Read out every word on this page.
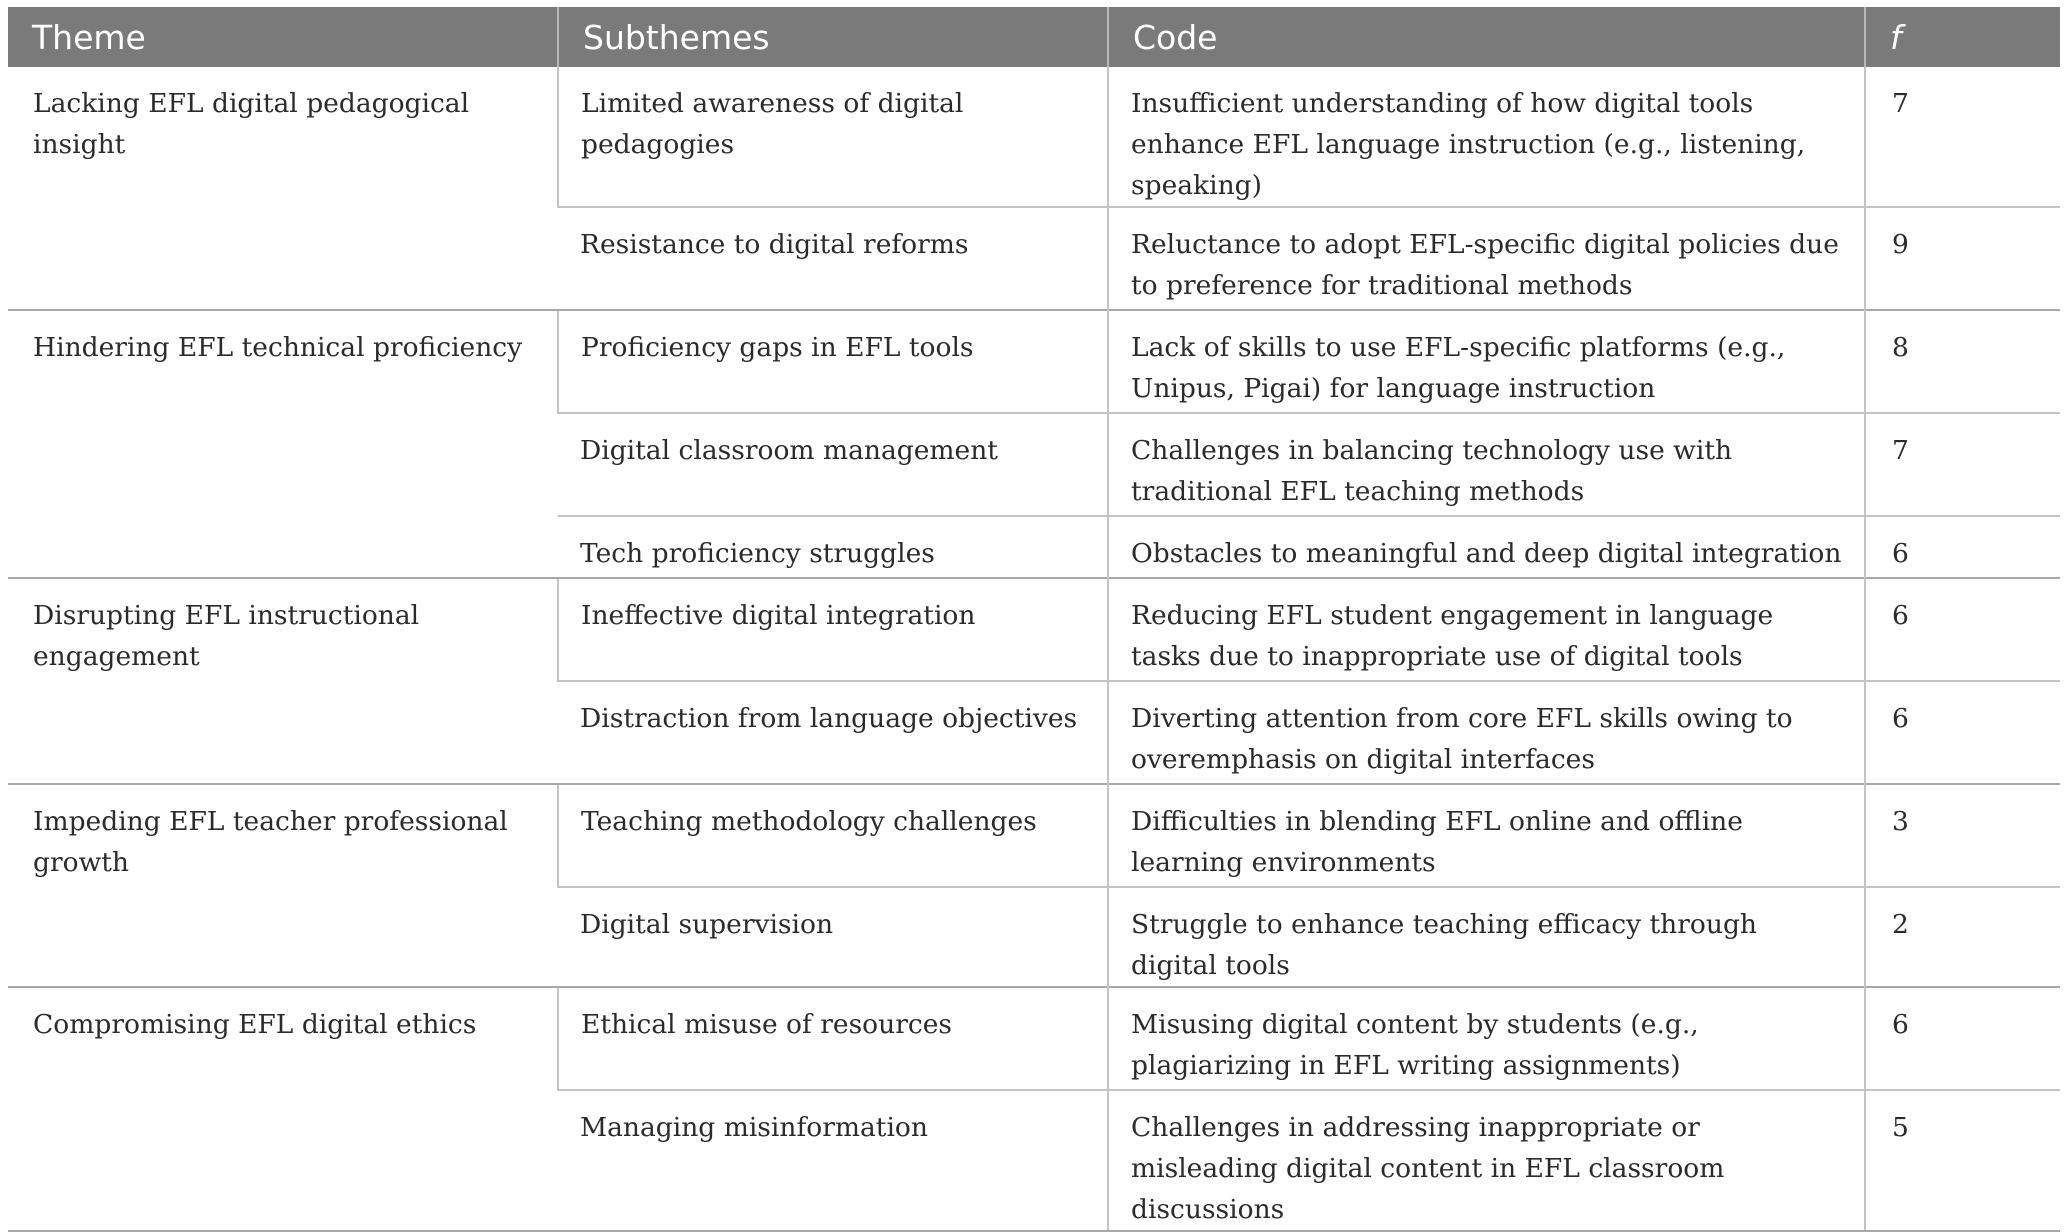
Theme	Subthemes	Code	f
Lacking EFL digital pedagogical insight	Limited awareness of digital pedagogies	Insufficient understanding of how digital tools enhance EFL language instruction (e.g., listening, speaking)	7
	Resistance to digital reforms	Reluctance to adopt EFL-specific digital policies due to preference for traditional methods	9
Hindering EFL technical proficiency	Proficiency gaps in EFL tools	Lack of skills to use EFL-specific platforms (e.g., Unipus, Pigai) for language instruction	8
	Digital classroom management	Challenges in balancing technology use with traditional EFL teaching methods	7
	Tech proficiency struggles	Obstacles to meaningful and deep digital integration	6
Disrupting EFL instructional engagement	Ineffective digital integration	Reducing EFL student engagement in language tasks due to inappropriate use of digital tools	6
	Distraction from language objectives	Diverting attention from core EFL skills owing to overemphasis on digital interfaces	6
Impeding EFL teacher professional growth	Teaching methodology challenges	Difficulties in blending EFL online and offline learning environments	3
	Digital supervision	Struggle to enhance teaching efficacy through digital tools	2
Compromising EFL digital ethics	Ethical misuse of resources	Misusing digital content by students (e.g., plagiarizing in EFL writing assignments)	6
	Managing misinformation	Challenges in addressing inappropriate or misleading digital content in EFL classroom discussions	5
